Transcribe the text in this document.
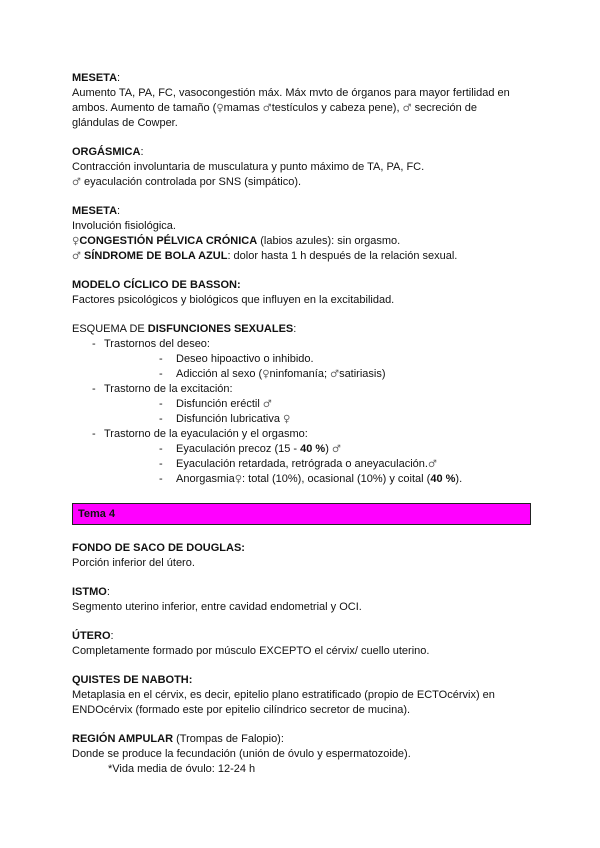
MESETA:

Aumento TA, PA, FC, vasocongestión máx. Máx mvto de órganos para mayor fertilidad en

ambos. Aumento de tamaño (♀mamas ♂testículos y cabeza pene), ♂ secreción de

glándulas de Cowper.

ORGÁSMICA:

Contracción involuntaria de musculatura y punto máximo de TA, PA, FC.

♂ eyaculación controlada por SNS (simpático).

MESETA:

Involución fisiológica.

♀CONGESTIÓN PÉLVICA CRÓNICA (labios azules): sin orgasmo.

♂ SÍNDROME DE BOLA AZUL: dolor hasta 1 h después de la relación sexual.

MODELO CÍCLICO DE BASSON:

Factores psicológicos y biológicos que influyen en la excitabilidad.

ESQUEMA DE DISFUNCIONES SEXUALES:

- Trastornos del deseo:
- Deseo hipoactivo o inhibido.
- Adicción al sexo (♀ninfomanía; ♂satiriasis)
- Trastorno de la excitación:
- Disfunción eréctil ♂
- Disfunción lubricativa ♀
- Trastorno de la eyaculación y el orgasmo:
- Eyaculación precoz (15 - 40 %) ♂
- Eyaculación retardada, retrógrada o aneyaculación.♂
- Anorgasmia♀: total (10%), ocasional (10%) y coital (40 %).
Tema 4

FONDO DE SACO DE DOUGLAS:

Porción inferior del útero.

ISTMO:

Segmento uterino inferior, entre cavidad endometrial y OCI.

ÚTERO:

Completamente formado por músculo EXCEPTO el cérvix/ cuello uterino.

QUISTES DE NABOTH:

Metaplasia en el cérvix, es decir, epitelio plano estratificado (propio de ECTOcérvix) en

ENDOcérvix (formado este por epitelio cilíndrico secretor de mucina).

REGIÓN AMPULAR (Trompas de Falopio):

Donde se produce la fecundación (unión de óvulo y espermatozoide).

*Vida media de óvulo: 12-24 h
